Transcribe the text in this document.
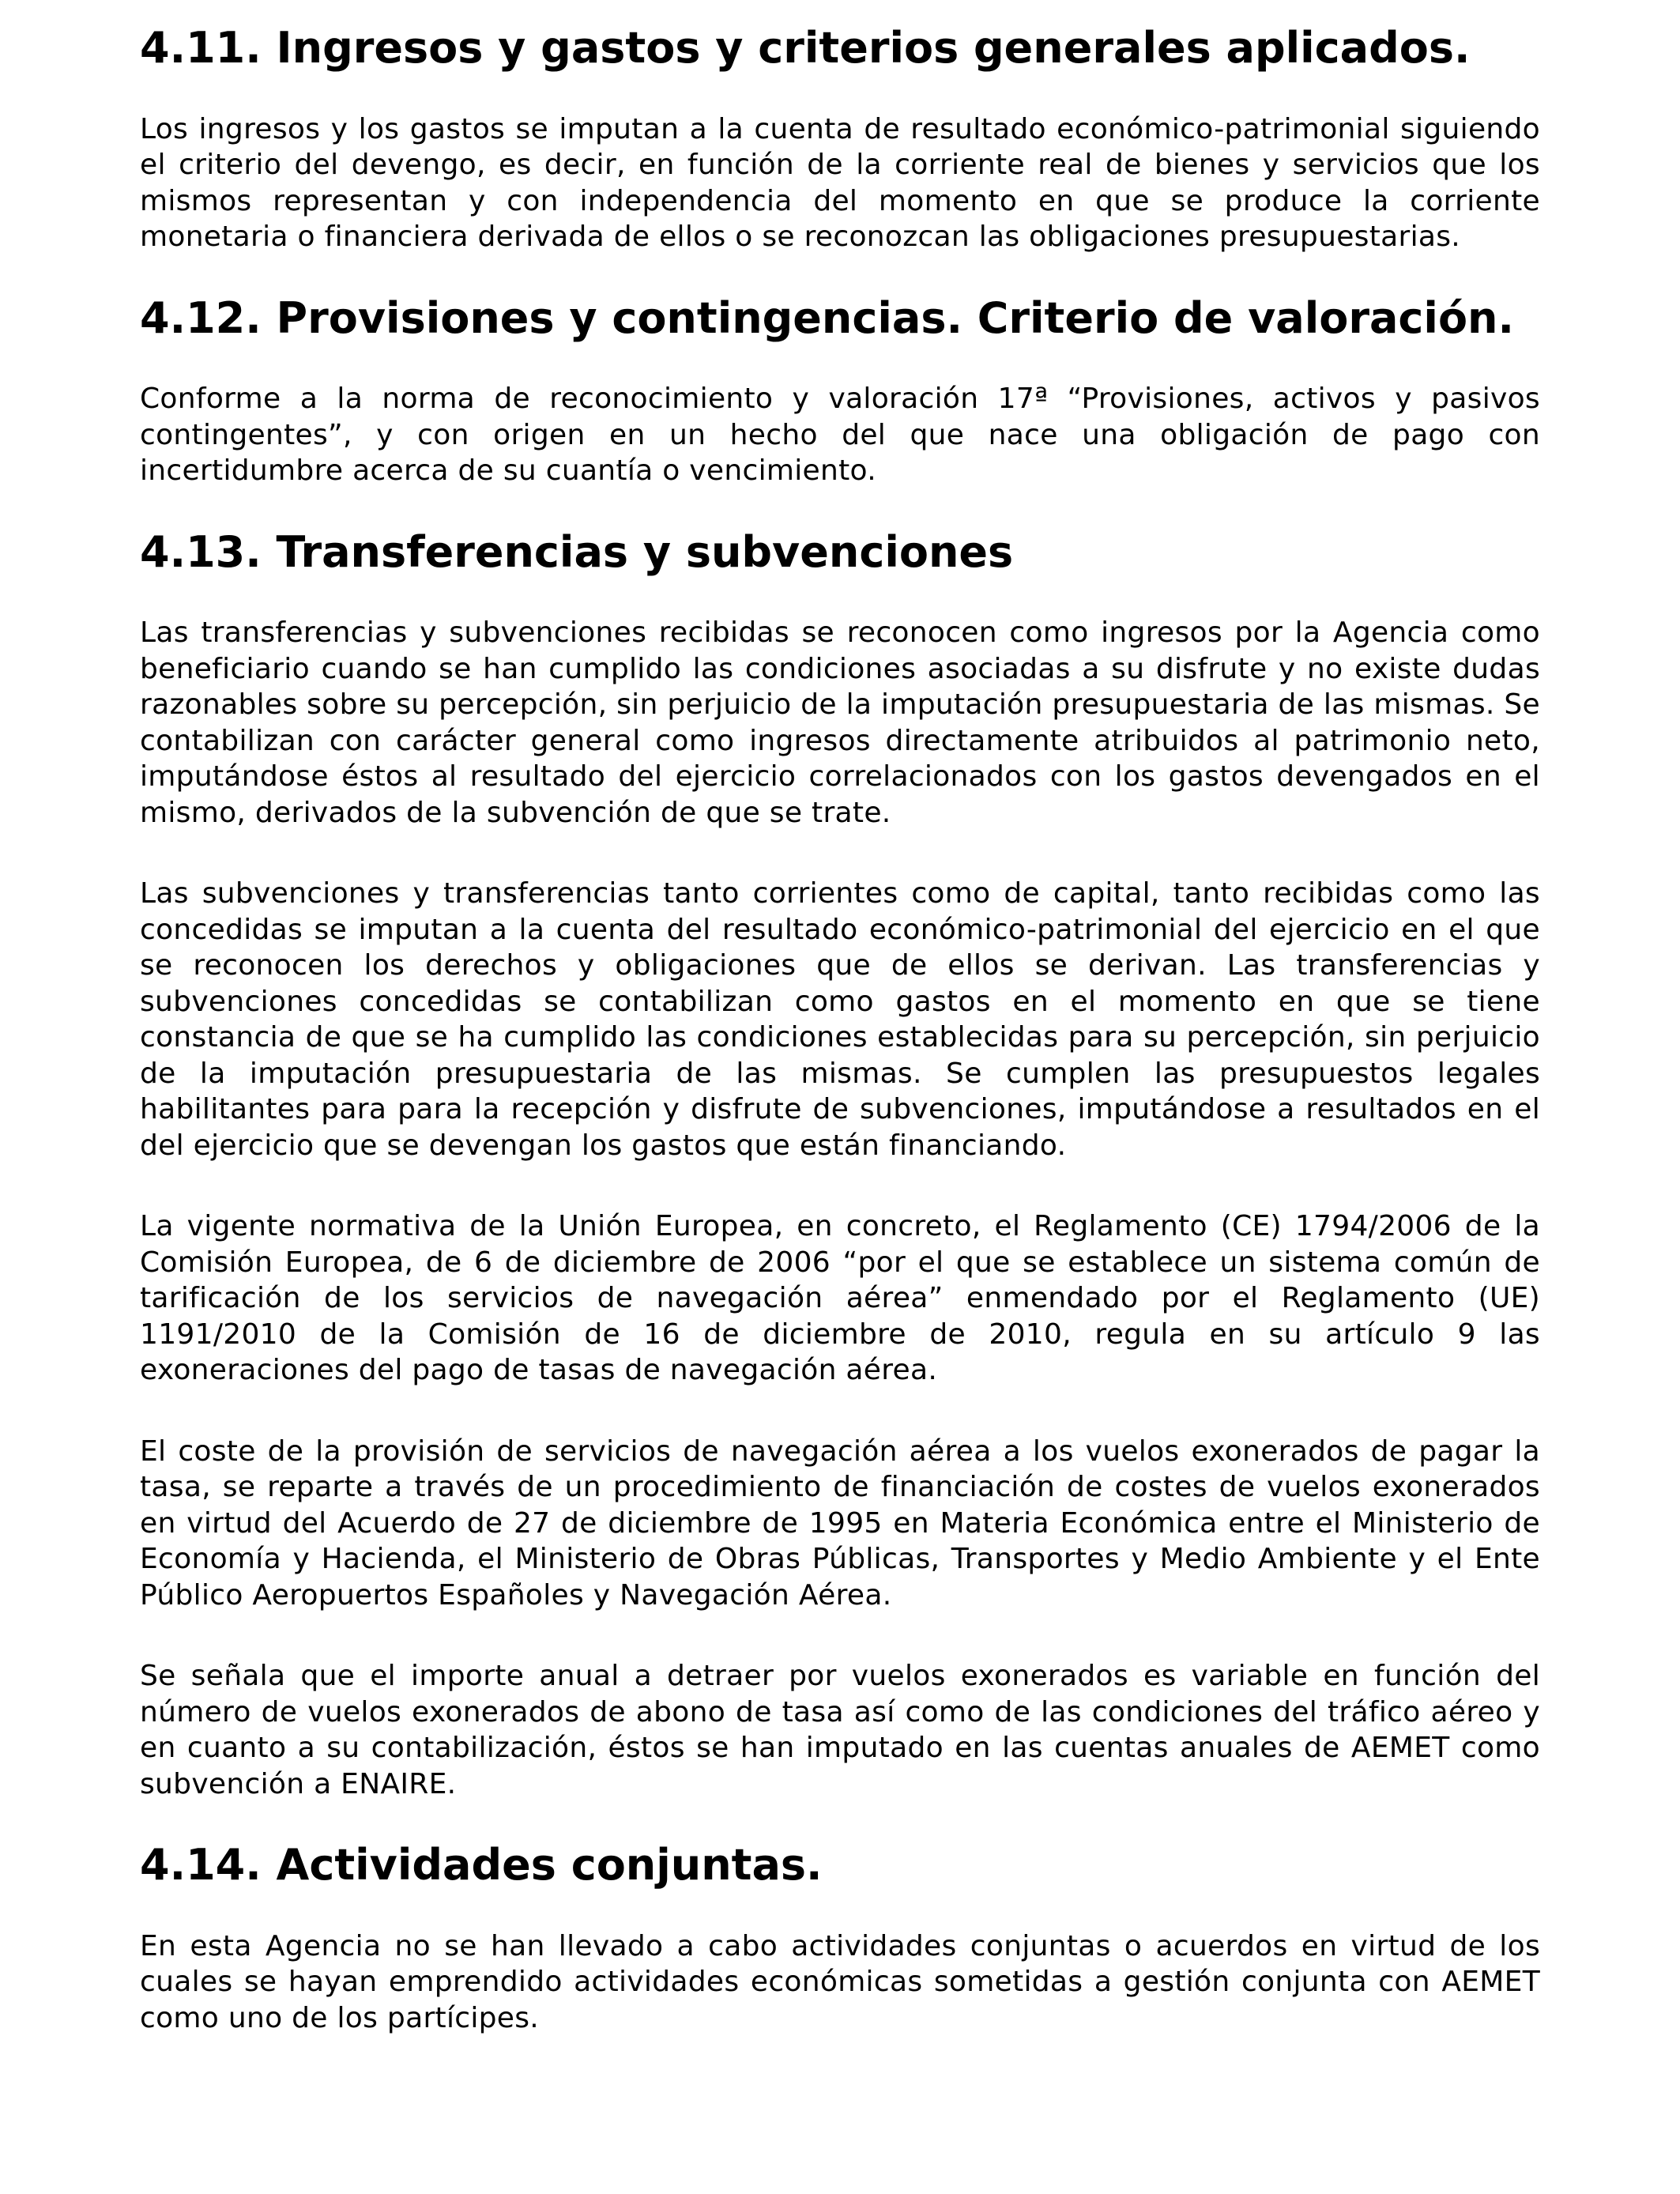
4.11. Ingresos y gastos y criterios generales aplicados.

Los ingresos y los gastos se imputan a la cuenta de resultado económico-patrimonial siguiendo el criterio del devengo, es decir, en función de la corriente real de bienes y servicios que los mismos representan y con independencia del momento en que se produce la corriente monetaria o financiera derivada de ellos o se reconozcan las obligaciones presupuestarias.

4.12. Provisiones y contingencias. Criterio de valoración.

Conforme a la norma de reconocimiento y valoración 17ª “Provisiones, activos y pasivos contingentes”, y con origen en un hecho del que nace una obligación de pago con incertidumbre acerca de su cuantía o vencimiento.

4.13. Transferencias y subvenciones

Las transferencias y subvenciones recibidas se reconocen como ingresos por la Agencia como beneficiario cuando se han cumplido las condiciones asociadas a su disfrute y no existe dudas razonables sobre su percepción, sin perjuicio de la imputación presupuestaria de las mismas. Se contabilizan con carácter general como ingresos directamente atribuidos al patrimonio neto, imputándose éstos al resultado del ejercicio correlacionados con los gastos devengados en el mismo, derivados de la subvención de que se trate.

Las subvenciones y transferencias tanto corrientes como de capital, tanto recibidas como las concedidas se imputan a la cuenta del resultado económico-patrimonial del ejercicio en el que se reconocen los derechos y obligaciones que de ellos se derivan. Las transferencias y subvenciones concedidas se contabilizan como gastos en el momento en que se tiene constancia de que se ha cumplido las condiciones establecidas para su percepción, sin perjuicio de la imputación presupuestaria de las mismas. Se cumplen las presupuestos legales habilitantes para para la recepción y disfrute de subvenciones, imputándose a resultados en el del ejercicio que se devengan los gastos que están financiando.

La vigente normativa de la Unión Europea, en concreto, el Reglamento (CE) 1794/2006 de la Comisión Europea, de 6 de diciembre de 2006 “por el que se establece un sistema común de tarificación de los servicios de navegación aérea” enmendado por el Reglamento (UE) 1191/2010 de la Comisión de 16 de diciembre de 2010, regula en su artículo 9 las exoneraciones del pago de tasas de navegación aérea.

El coste de la provisión de servicios de navegación aérea a los vuelos exonerados de pagar la tasa, se reparte a través de un procedimiento de financiación de costes de vuelos exonerados en virtud del Acuerdo de 27 de diciembre de 1995 en Materia Económica entre el Ministerio de Economía y Hacienda, el Ministerio de Obras Públicas, Transportes y Medio Ambiente y el Ente Público Aeropuertos Españoles y Navegación Aérea.

Se señala que el importe anual a detraer por vuelos exonerados es variable en función del número de vuelos exonerados de abono de tasa así como de las condiciones del tráfico aéreo y en cuanto a su contabilización, éstos se han imputado en las cuentas anuales de AEMET como subvención a ENAIRE.

4.14. Actividades conjuntas.

En esta Agencia no se han llevado a cabo actividades conjuntas o acuerdos en virtud de los cuales se hayan emprendido actividades económicas sometidas a gestión conjunta con AEMET como uno de los partícipes.
